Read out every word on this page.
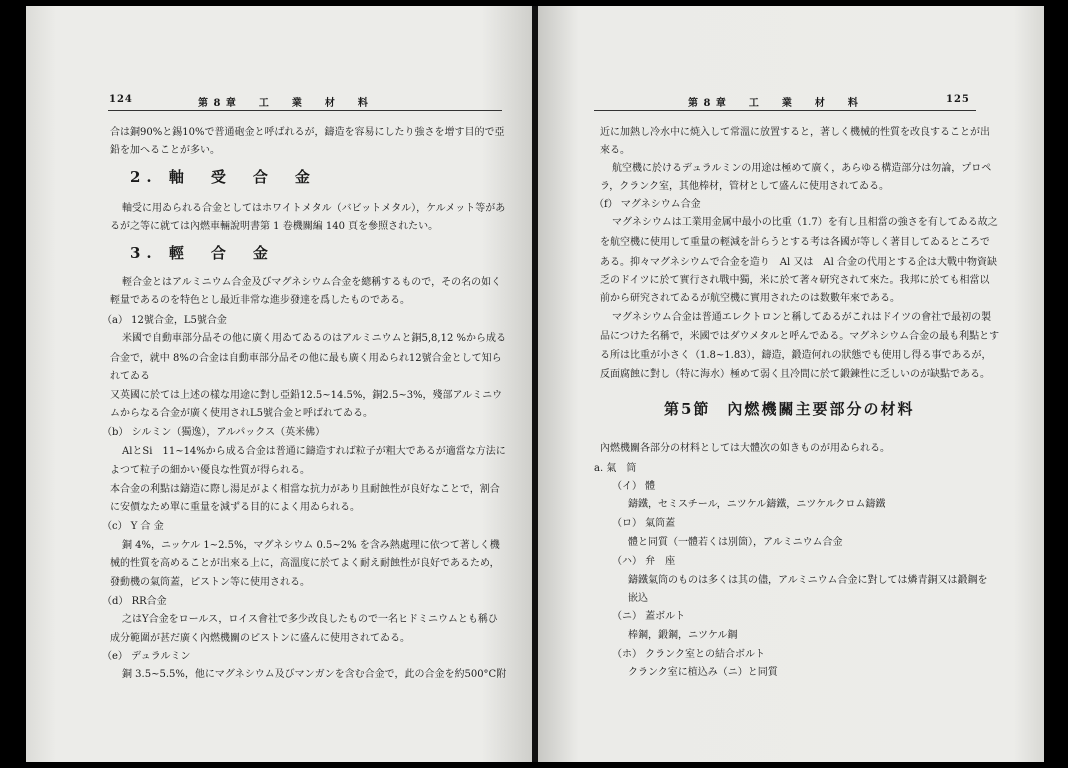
124	第 8 章　　工　　業　　材　　料
合は銅90%と錫10%で普通砲金と呼ばれるが，鑄造を容易にしたり強さを增す目的で亞
鉛を加へることが多い。
2. 軸　受　合　金
軸受に用ゐられる合金としてはホワイトメタル（バビットメタル），ケルメット等があ
るが之等に就ては內燃車輛說明書第 1 卷機關編 140 頁を參照されたい。
3. 輕　合　金
輕合金とはアルミニウム合金及びマグネシウム合金を總稱するもので，その名の如く
輕量であるのを特色とし最近非常な進步發達を爲したものである。
（a） 12號合金，L5號合金
米國で自動車部分品その他に廣く用ゐてゐるのはアルミニウムと銅5,8,12 %から成る
合金で，就中 8%の合金は自動車部分品その他に最も廣く用ゐられ12號合金として知ら
れてゐる
又英國に於ては上述の樣な用途に對し亞鉛12.5~14.5%，銅2.5~3%，殘部アルミニウ
ムからなる合金が廣く使用されL5號合金と呼ばれてゐる。
（b） シルミン（獨逸），アルパックス（英米佛）
AlとSi　11~14%から成る合金は普通に鑄造すれば粒子が粗大であるが適當な方法に
よつて粒子の細かい優良な性質が得られる。
本合金の利點は鑄造に際し湯足がよく相當な抗力があり且耐蝕性が良好なことで，割合
に安價なため單に重量を減ずる目的によく用ゐられる。
（c） Y 合 金
銅 4%，ニッケル 1~2.5%，マグネシウム 0.5~2% を含み熱處理に依つて著しく機
械的性質を高めることが出來る上に，高溫度に於てよく耐え耐蝕性が良好であるため，
發動機の氣筒蓋，ピストン等に使用される。
（d） RR合金
之はY合金をロールス，ロイス會社で多少改良したもので一名ヒドミニウムとも稱ひ
成分範圍が甚だ廣く內燃機關のピストンに盛んに使用されてゐる。
（e） デュラルミン
銅 3.5~5.5%，他にマグネシウム及びマンガンを含む合金で，此の合金を約500°C附
第 8 章　　工　　業　　材　　料	125
近に加熱し冷水中に焼入して常溫に放置すると，著しく機械的性質を改良することが出
來る。
航空機に於けるデュラルミンの用途は極めて廣く，あらゆる構造部分は勿論，プロペ
ラ，クランク室，其他棒材，管材として盛んに使用されてゐる。
（f） マグネシウム合金
マグネシウムは工業用金属中最小の比重（1.7）を有し且相當の強さを有してゐる故之
を航空機に使用して重量の輕減を計らうとする考は各國が等しく著目してゐるところで
ある。抑々マグネシウムで合金を造り　Al 又は　Al 合金の代用とする企は大戰中物資缺
乏のドイツに於て實行され戰中獨，米に於て著々研究されて來た。我邦に於ても相當以
前から研究されてゐるが航空機に實用されたのは数數年來である。
マグネシウム合金は普通エレクトロンと稱してゐるがこれはドイツの會社で最初の製
品につけた名稱で，米國ではダウメタルと呼んでゐる。マグネシウム合金の最も利點とす
る所は比重が小さく（1.8~1.83），鑄造，鍛造何れの狀態でも使用し得る事であるが，
反面腐蝕に對し（特に海水）極めて弱く且冷間に於て鍛鍊性に乏しいのが缺點である。
第5節　內燃機關主要部分の材料
內燃機關各部分の材料としては大體次の如きものが用ゐられる。
a. 氣　筒
（イ） 體
鑄鐵，セミスチール，ニツケル鑄鐵，ニツケルクロム鑄鐵
（ロ） 氣筒蓋
體と同質（一體若くは別箇），アルミニウム合金
（ハ） 弁　座
鑄鐵氣筒のものは多くは其の儘，アルミニウム合金に對しては燐青銅又は鍛鋼を
嵌込
（ニ） 蓋ボルト
棒鋼，鍛鋼，ニツケル鋼
（ホ） クランク室との結合ボルト
クランク室に植込み（ニ）と同質
